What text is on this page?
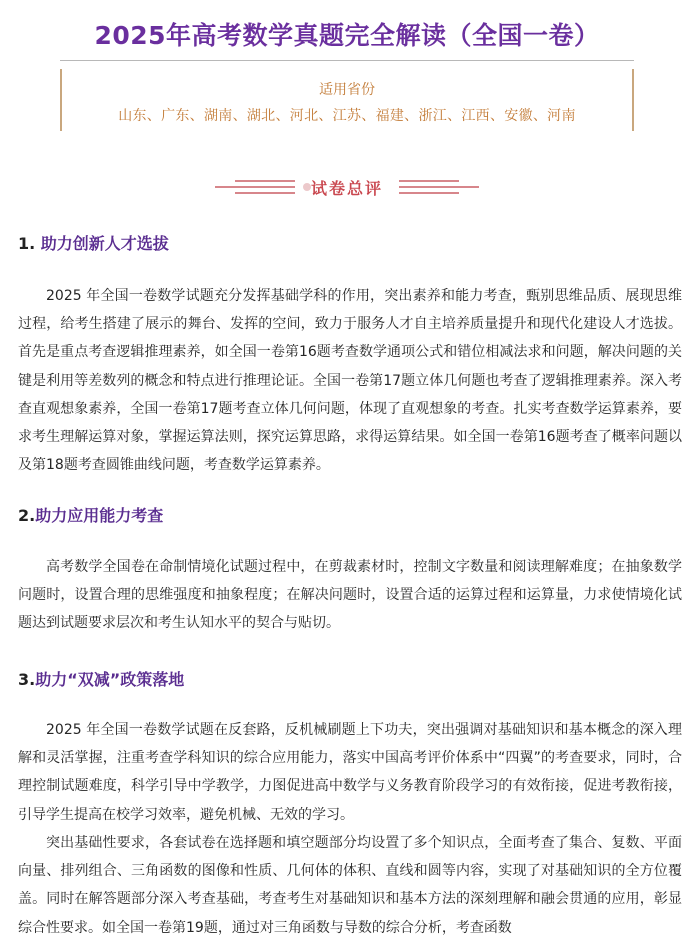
2025年高考数学真题完全解读（全国一卷）
适用省份
山东、广东、湖南、湖北、河北、江苏、福建、浙江、江西、安徽、河南
试卷总评
1. 助力创新人才选拔
2025 年全国一卷数学试题充分发挥基础学科的作用，突出素养和能力考查，甄别思维品质、展现思维过程，给考生搭建了展示的舞台、发挥的空间，致力于服务人才自主培养质量提升和现代化建设人才选拔。首先是重点考查逻辑推理素养，如全国一卷第16题考查数学通项公式和错位相减法求和问题，解决问题的关键是利用等差数列的概念和特点进行推理论证。全国一卷第17题立体几何题也考查了逻辑推理素养。深入考查直观想象素养，全国一卷第17题考查立体几何问题，体现了直观想象的考查。扎实考查数学运算素养，要求考生理解运算对象，掌握运算法则，探究运算思路，求得运算结果。如全国一卷第16题考查了概率问题以及第18题考查圆锥曲线问题，考查数学运算素养。
2.助力应用能力考查
高考数学全国卷在命制情境化试题过程中，在剪裁素材时，控制文字数量和阅读理解难度；在抽象数学问题时，设置合理的思维强度和抽象程度；在解决问题时，设置合适的运算过程和运算量，力求使情境化试题达到试题要求层次和考生认知水平的契合与贴切。
3.助力“双减”政策落地
2025 年全国一卷数学试题在反套路，反机械刷题上下功夫，突出强调对基础知识和基本概念的深入理解和灵活掌握，注重考查学科知识的综合应用能力，落实中国高考评价体系中“四翼”的考查要求，同时，合理控制试题难度，科学引导中学教学，力图促进高中数学与义务教育阶段学习的有效衔接，促进考教衔接，引导学生提高在校学习效率，避免机械、无效的学习。
突出基础性要求，各套试卷在选择题和填空题部分均设置了多个知识点，全面考查了集合、复数、平面向量、排列组合、三角函数的图像和性质、几何体的体积、直线和圆等内容，实现了对基础知识的全方位覆盖。同时在解答题部分深入考查基础，考查考生对基础知识和基本方法的深刻理解和融会贯通的应用，彰显综合性要求。如全国一卷第19题，通过对三角函数与导数的综合分析，考查函数
